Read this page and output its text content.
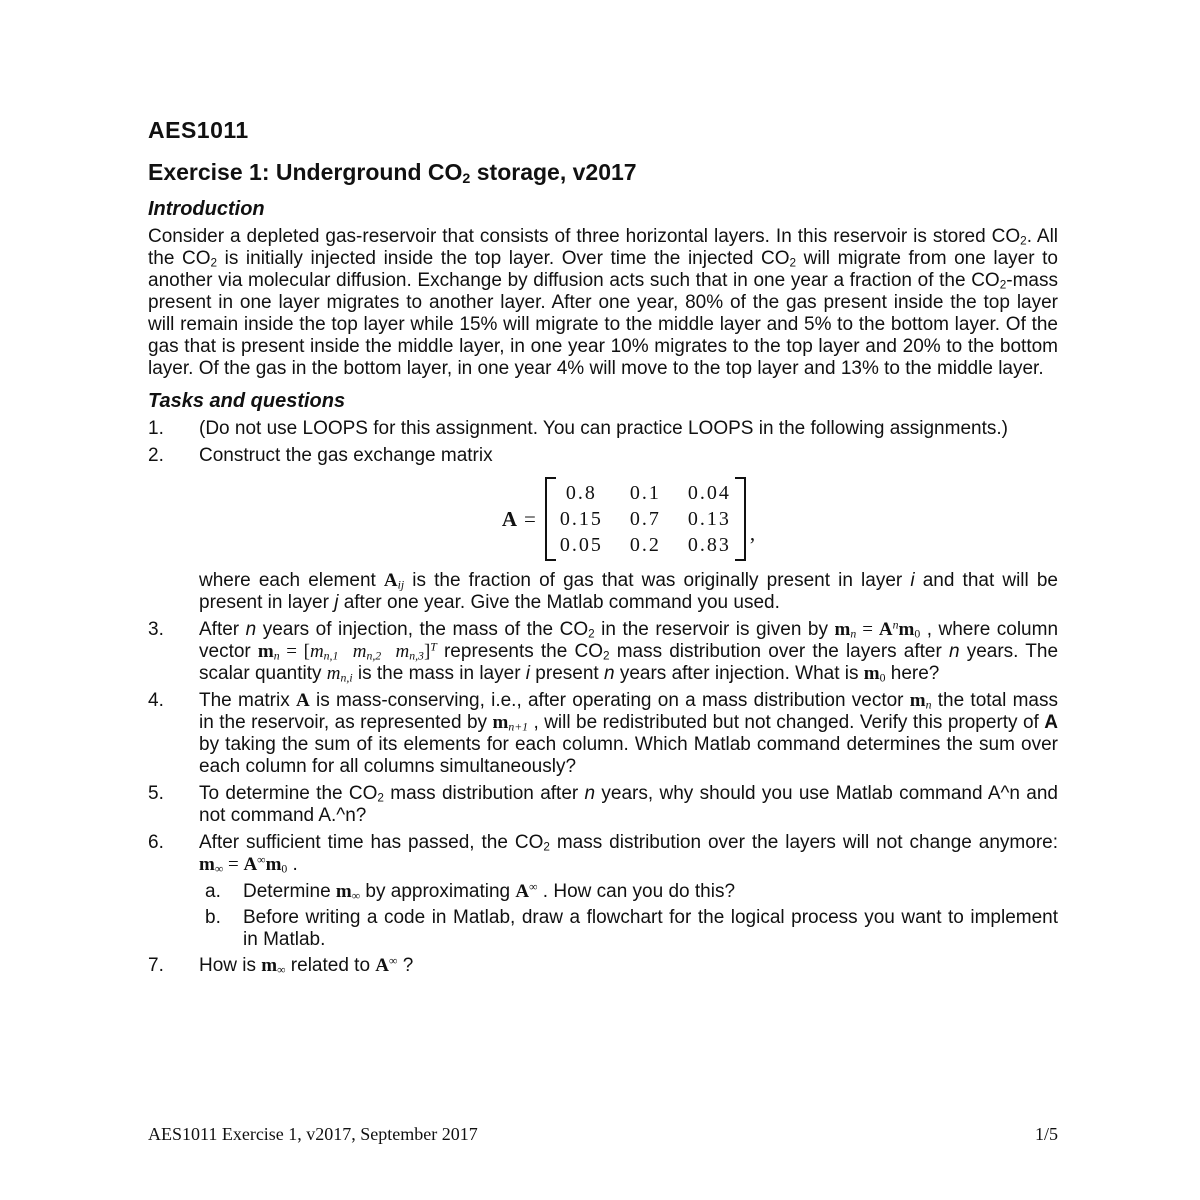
AES1011
Exercise 1: Underground $CO_2$ storage, v2017
Introduction

Consider a depleted gas-reservoir that consists of three horizontal layers. In this reservoir is stored $CO_2$. All the $CO_2$ is initially injected inside the top layer. Over time the injected $CO_2$ will migrate from one layer to another via molecular diffusion. Exchange by diffusion acts such that in one year a fraction of the $CO_2$-mass present in one layer migrates to another layer. After one year, 80% of the gas present inside the top layer will remain inside the top layer while 15% will migrate to the middle layer and 5% to the bottom layer. Of the gas that is present inside the middle layer, in one year 10% migrates to the top layer and 20% to the bottom layer. Of the gas in the bottom layer, in one year 4% will move to the top layer and 13% to the middle layer.

Tasks and questions
1.	(Do not use LOOPS for this assignment. You can practice LOOPS in the following assignments.)
2.	Construct the gas exchange matrix
A =
0.8 0.1 0.04
0.15 0.7 0.13
0.05 0.2 0.83 ,
where each element $A_{ij}$ is the fraction of gas that was originally present in layer i and that will be present in layer j after one year. Give the Matlab command you used.
3.	After n years of injection, the mass of the $CO_2$ in the reservoir is given by $m_n = A^nm_0$ , where column vector $m_n = [m_{n,1}$ $m_{n,2}$ $m_{n,3}]^T$ represents the $CO_2$ mass distribution over the layers after n years. The scalar quantity $m_{n,i}$ is the mass in layer i present n years after injection. What is $m_0$ here?
4.	The matrix A is mass-conserving, i.e., after operating on a mass distribution vector $m_n$ the total mass in the reservoir, as represented by $m_{n+1}$ , will be redistributed but not changed. Verify this property of A by taking the sum of its elements for each column. Which Matlab command determines the sum over each column for all columns simultaneously?
5.	To determine the $CO_2$ mass distribution after n years, why should you use Matlab command A^n and not command A.^n?
6.	After sufficient time has passed, the $CO_2$ mass distribution over the layers will not change anymore: $m_\infty = A^\infty m_0$ .
a.	Determine $m_\infty$ by approximating A∞ . How can you do this?
b.	Before writing a code in Matlab, draw a flowchart for the logical process you want to implement in Matlab.
7.	How is $m_\infty$ related to A∞ ?
AES1011 Exercise 1, v2017, September 2017	1/5
